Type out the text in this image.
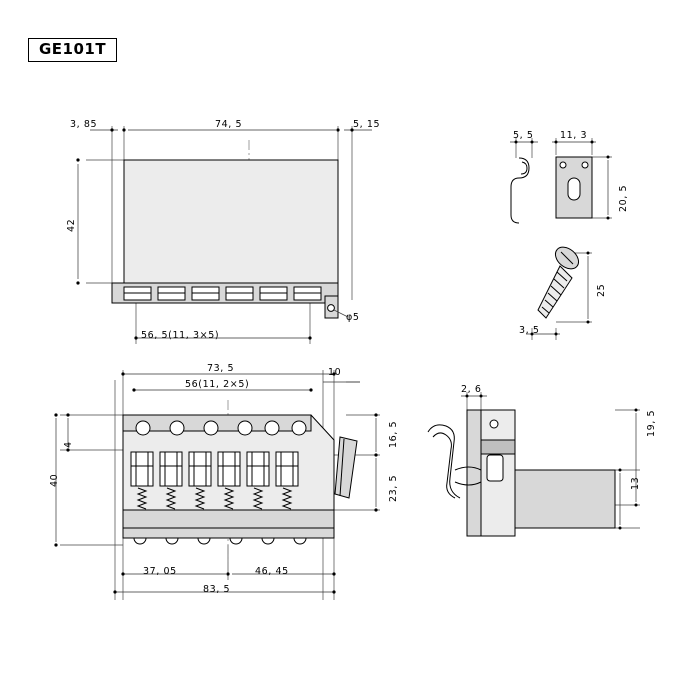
GE101T
3, 85	74, 5	5, 15
42
56, 5(11, 3×5)
φ5
73, 5
56(11, 2×5)
10
4
40
16, 5
23, 5
37, 05	46, 45
83, 5
5, 5	11, 3
20, 5
25
3, 5
2, 6
19, 5
13
